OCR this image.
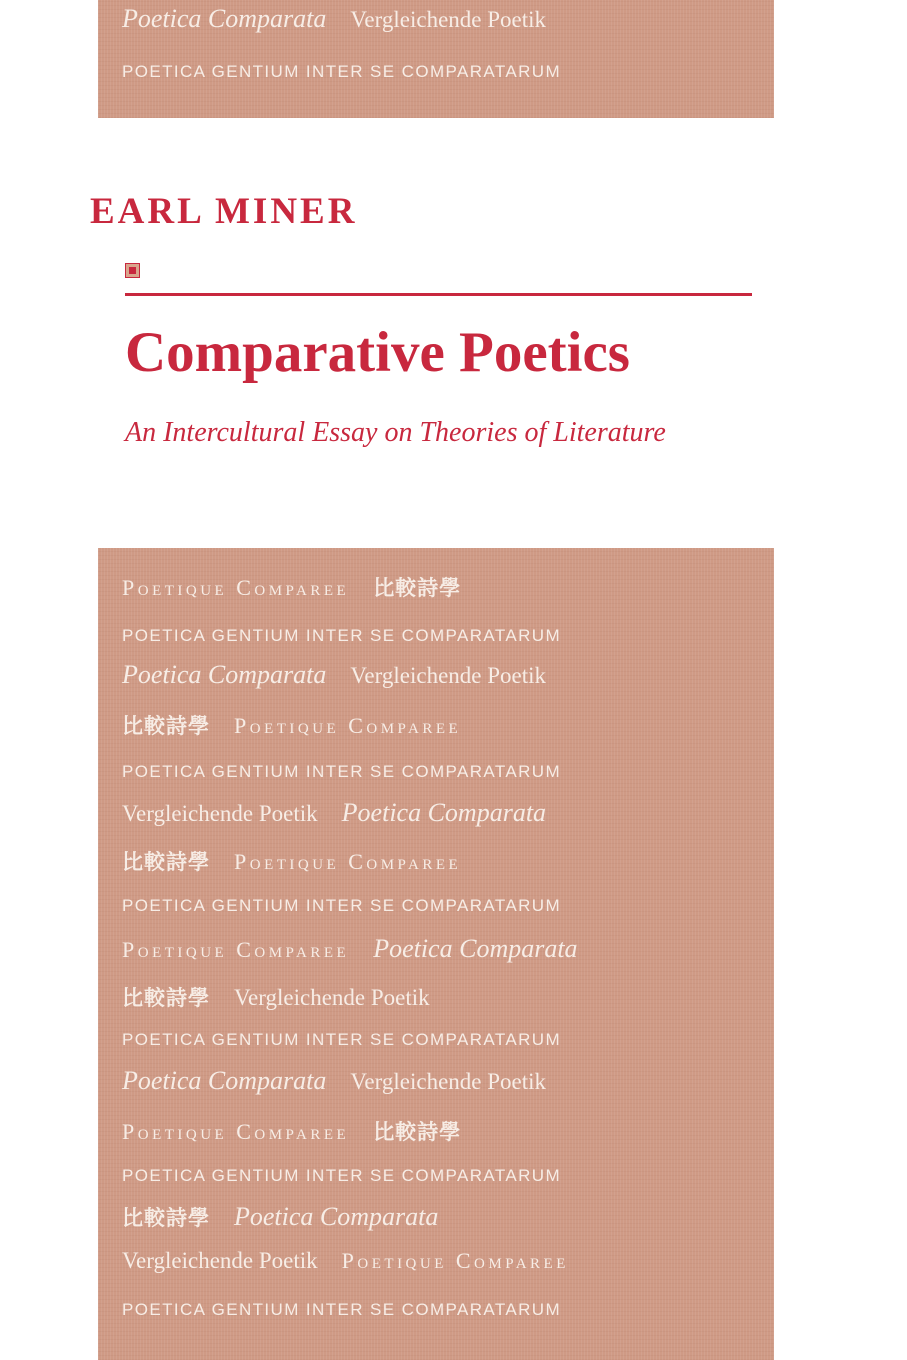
Poetica Comparata Vergleichende Poetik
POETICA GENTIUM INTER SE COMPARATARUM
EARL MINER
Comparative Poetics

An Intercultural Essay on Theories of Literature

Poetique Comparee 比較詩學
POETICA GENTIUM INTER SE COMPARATARUM
Poetica Comparata Vergleichende Poetik
比較詩學 Poetique Comparee
POETICA GENTIUM INTER SE COMPARATARUM
Vergleichende Poetik Poetica Comparata
比較詩學 Poetique Comparee
POETICA GENTIUM INTER SE COMPARATARUM
Poetique Comparee Poetica Comparata
比較詩學 Vergleichende Poetik
POETICA GENTIUM INTER SE COMPARATARUM
Poetica Comparata Vergleichende Poetik
Poetique Comparee 比較詩學
POETICA GENTIUM INTER SE COMPARATARUM
比較詩學 Poetica Comparata
Vergleichende Poetik Poetique Comparee
POETICA GENTIUM INTER SE COMPARATARUM
